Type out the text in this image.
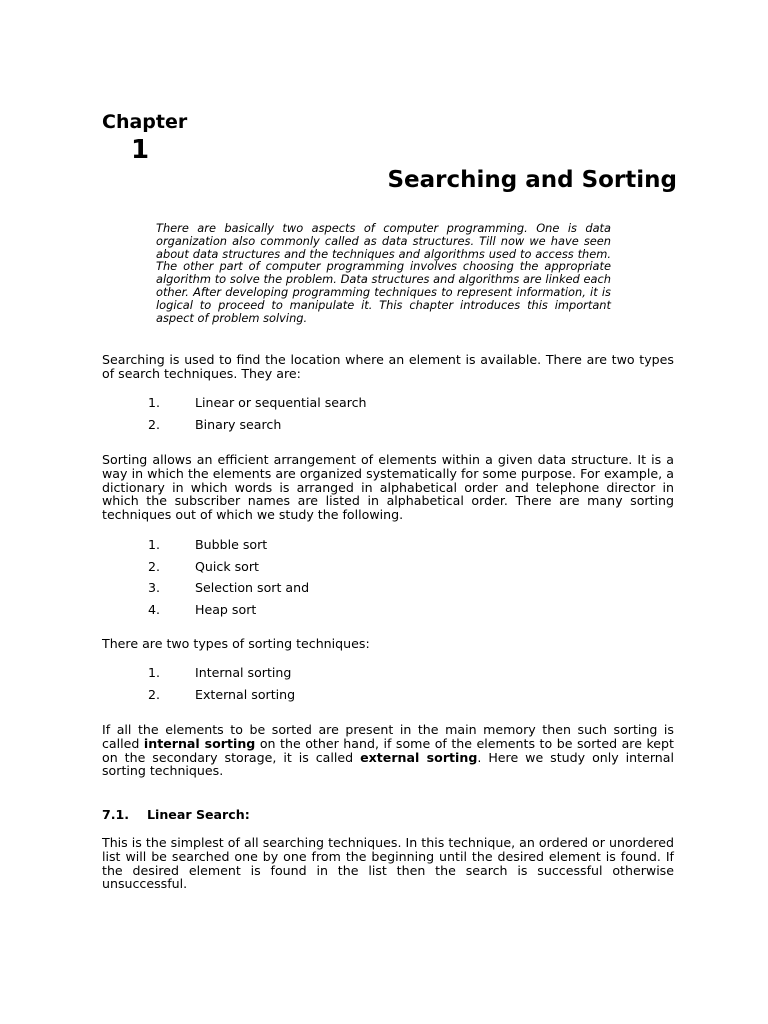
Chapter
1
Searching and Sorting

There are basically two aspects of computer programming. One is data organization also commonly called as data structures. Till now we have seen about data structures and the techniques and algorithms used to access them. The other part of computer programming involves choosing the appropriate algorithm to solve the problem. Data structures and algorithms are linked each other. After developing programming techniques to represent information, it is logical to proceed to manipulate it. This chapter introduces this important aspect of problem solving.

Searching is used to find the location where an element is available. There are two types of search techniques. They are:

1.	Linear or sequential search
2.	Binary search

Sorting allows an efficient arrangement of elements within a given data structure. It is a way in which the elements are organized systematically for some purpose. For example, a dictionary in which words is arranged in alphabetical order and telephone director in which the subscriber names are listed in alphabetical order. There are many sorting techniques out of which we study the following.

1.	Bubble sort
2.	Quick sort
3.	Selection sort and
4.	Heap sort

There are two types of sorting techniques:

1.	Internal sorting
2.	External sorting

If all the elements to be sorted are present in the main memory then such sorting is called internal sorting on the other hand, if some of the elements to be sorted are kept on the secondary storage, it is called external sorting. Here we study only internal sorting techniques.

7.1. Linear Search:

This is the simplest of all searching techniques. In this technique, an ordered or unordered list will be searched one by one from the beginning until the desired element is found. If the desired element is found in the list then the search is successful otherwise unsuccessful.
